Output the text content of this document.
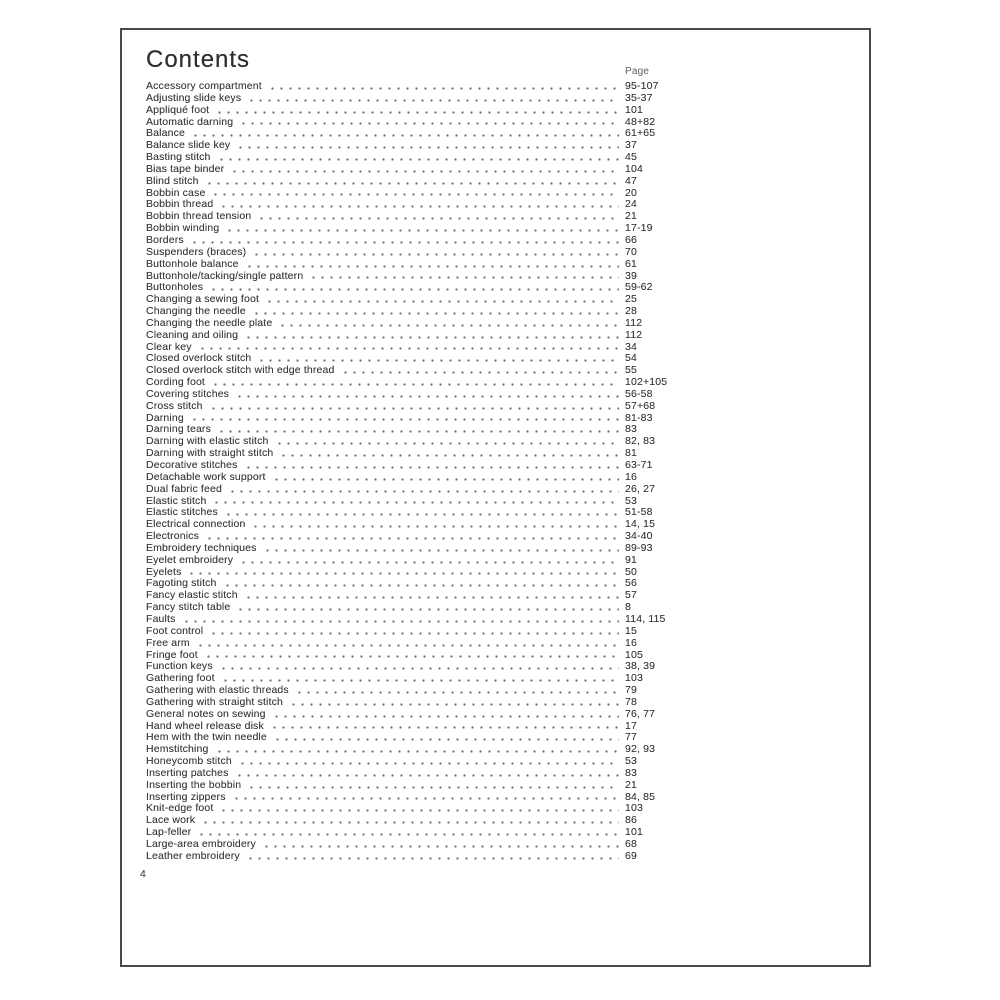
Contents	Page
Accessory compartment	95-107
Adjusting slide keys	35-37
Appliqué foot	101
Automatic darning	48+82
Balance	61+65
Balance slide key	37
Basting stitch	45
Bias tape binder	104
Blind stitch	47
Bobbin case	20
Bobbin thread	24
Bobbin thread tension	21
Bobbin winding	17-19
Borders	66
Suspenders (braces)	70
Buttonhole balance	61
Buttonhole/tacking/single pattern	39
Buttonholes	59-62
Changing a sewing foot	25
Changing the needle	28
Changing the needle plate	112
Cleaning and oiling	112
Clear key	34
Closed overlock stitch	54
Closed overlock stitch with edge thread	55
Cording foot	102+105
Covering stitches	56-58
Cross stitch	57+68
Darning	81-83
Darning tears	83
Darning with elastic stitch	82, 83
Darning with straight stitch	81
Decorative stitches	63-71
Detachable work support	16
Dual fabric feed	26, 27
Elastic stitch	53
Elastic stitches	51-58
Electrical connection	14, 15
Electronics	34-40
Embroidery techniques	89-93
Eyelet embroidery	91
Eyelets	50
Fagoting stitch	56
Fancy elastic stitch	57
Fancy stitch table	8
Faults	114, 115
Foot control	15
Free arm	16
Fringe foot	105
Function keys	38, 39
Gathering foot	103
Gathering with elastic threads	79
Gathering with straight stitch	78
General notes on sewing	76, 77
Hand wheel release disk	17
Hem with the twin needle	77
Hemstitching	92, 93
Honeycomb stitch	53
Inserting patches	83
Inserting the bobbin	21
Inserting zippers	84, 85
Knit-edge foot	103
Lace work	86
Lap-feller	101
Large-area embroidery	68
Leather embroidery	69
4
